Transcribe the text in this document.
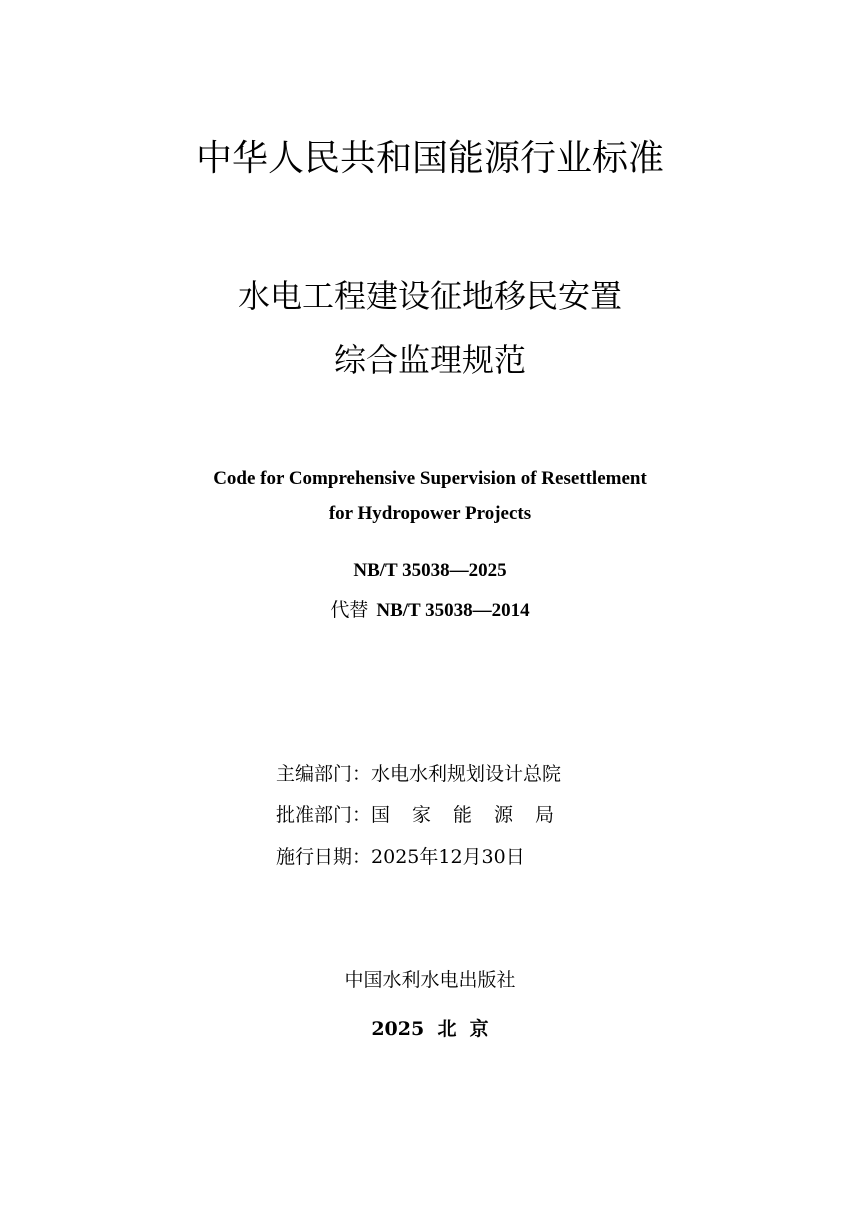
中华人民共和国能源行业标准
水电工程建设征地移民安置
综合监理规范
Code for Comprehensive Supervision of Resettlement
for Hydropower Projects
NB/T 35038—2025
代替 NB/T 35038—2014
主编部门：水电水利规划设计总院
批准部门：国家能源局
施行日期：2025年12月30日
中国水利水电出版社
2025  北  京
